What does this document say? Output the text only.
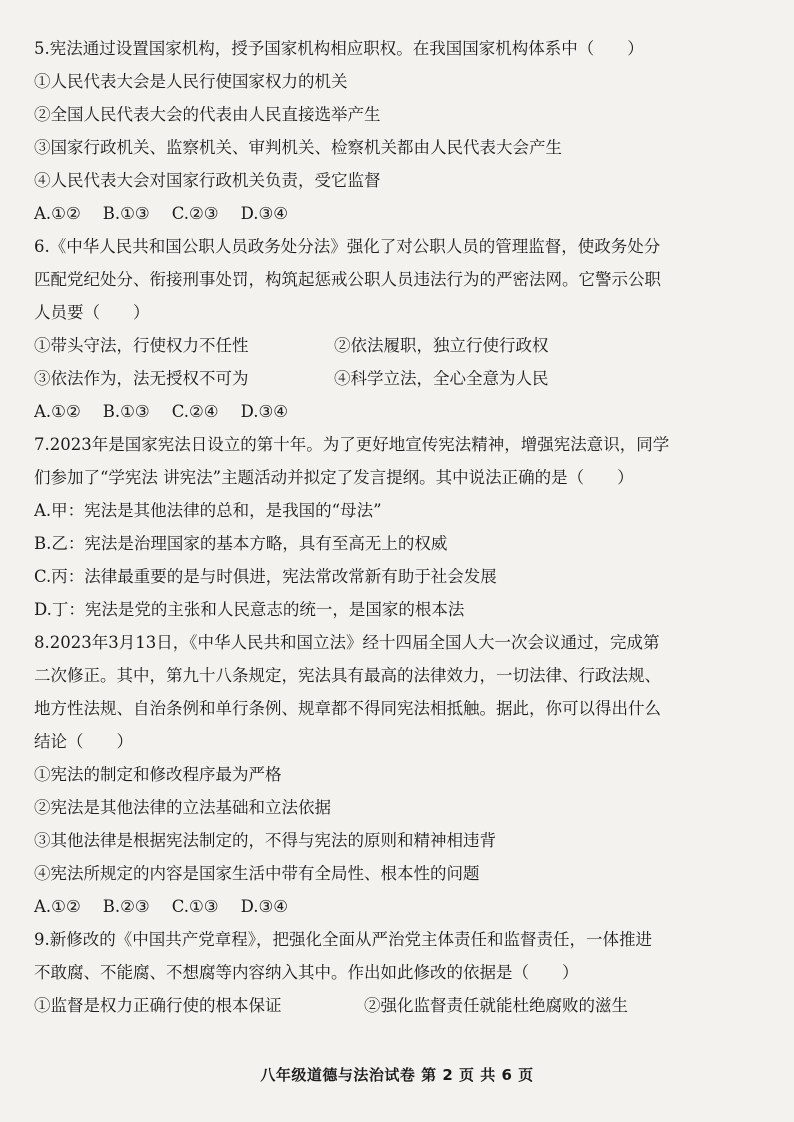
5.宪法通过设置国家机构，授予国家机构相应职权。在我国国家机构体系中（　　）
①人民代表大会是人民行使国家权力的机关
②全国人民代表大会的代表由人民直接选举产生
③国家行政机关、监察机关、审判机关、检察机关都由人民代表大会产生
④人民代表大会对国家行政机关负责，受它监督
A.①② B.①③ C.②③ D.③④
6.《中华人民共和国公职人员政务处分法》强化了对公职人员的管理监督，使政务处分
匹配党纪处分、衔接刑事处罚，构筑起惩戒公职人员违法行为的严密法网。它警示公职
人员要（　　）
①带头守法，行使权力不任性	②依法履职，独立行使行政权
③依法作为，法无授权不可为	④科学立法，全心全意为人民
A.①② B.①③ C.②④ D.③④
7.2023年是国家宪法日设立的第十年。为了更好地宣传宪法精神，增强宪法意识，同学
们参加了“学宪法 讲宪法”主题活动并拟定了发言提纲。其中说法正确的是（　　）
A.甲：宪法是其他法律的总和，是我国的“母法”
B.乙：宪法是治理国家的基本方略，具有至高无上的权威
C.丙：法律最重要的是与时俱进，宪法常改常新有助于社会发展
D.丁：宪法是党的主张和人民意志的统一，是国家的根本法
8.2023年3月13日，《中华人民共和国立法》经十四届全国人大一次会议通过，完成第
二次修正。其中，第九十八条规定，宪法具有最高的法律效力，一切法律、行政法规、
地方性法规、自治条例和单行条例、规章都不得同宪法相抵触。据此，你可以得出什么
结论（　　）
①宪法的制定和修改程序最为严格
②宪法是其他法律的立法基础和立法依据
③其他法律是根据宪法制定的，不得与宪法的原则和精神相违背
④宪法所规定的内容是国家生活中带有全局性、根本性的问题
A.①② B.②③ C.①③ D.③④
9.新修改的《中国共产党章程》，把强化全面从严治党主体责任和监督责任，一体推进
不敢腐、不能腐、不想腐等内容纳入其中。作出如此修改的依据是（　　）
①监督是权力正确行使的根本保证	②强化监督责任就能杜绝腐败的滋生
八年级道德与法治试卷 第 2 页 共 6 页
